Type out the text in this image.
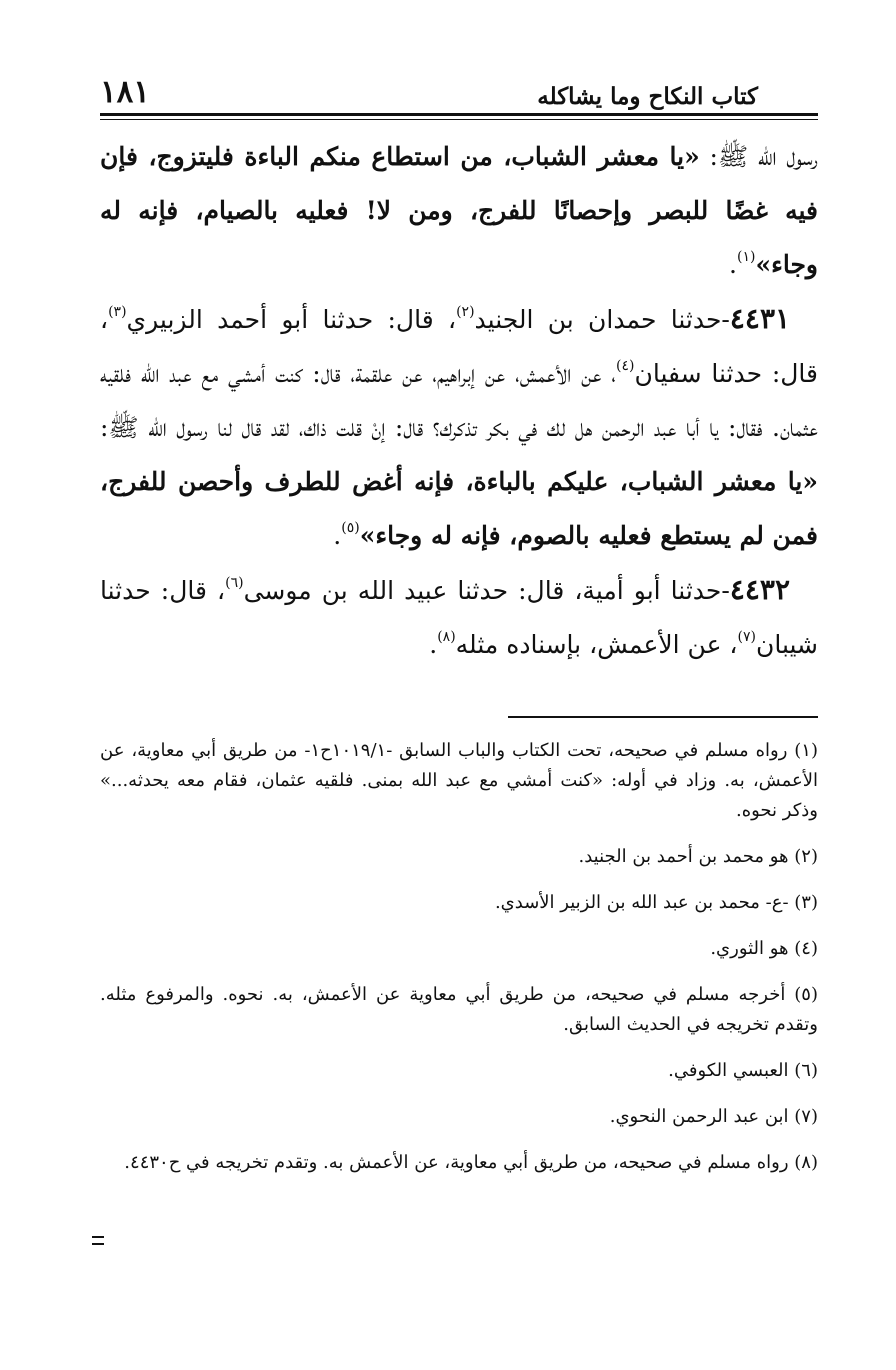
١٨١	كتاب النكاح وما يشاكله

رسول الله ﷺ: «يا معشر الشباب، من استطاع منكم الباءة فليتزوج، فإن فيه غضًا للبصر وإحصانًا للفرج، ومن لا! فعليه بالصيام، فإنه له وجاء»$^{(١)}$.

٤٤٣١-حدثنا حمدان بن الجنيد$^{(٢)}$، قال: حدثنا أبو أحمد الزبيري$^{(٣)}$، قال: حدثنا سفيان$^{(٤)}$، عن الأعمش، عن إبراهيم، عن علقمة، قال: كنت أمشي مع عبد الله فلقيه عثمان. فقال: يا أبا عبد الرحمن هل لك في بكر تذكرك؟ قال: إنْ قلت ذاك، لقد قال لنا رسول الله ﷺ: «يا معشر الشباب، عليكم بالباءة، فإنه أغض للطرف وأحصن للفرج، فمن لم يستطع فعليه بالصوم، فإنه له وجاء»$^{(٥)}$.

٤٤٣٢-حدثنا أبو أمية، قال: حدثنا عبيد الله بن موسى$^{(٦)}$، قال: حدثنا شيبان$^{(٧)}$، عن الأعمش، بإسناده مثله$^{(٨)}$.

(١) رواه مسلم في صحيحه، تحت الكتاب والباب السابق -١٠١٩/١ح١- من طريق أبي معاوية، عن الأعمش، به. وزاد في أوله: «كنت أمشي مع عبد الله بمنى. فلقيه عثمان، فقام معه يحدثه...» وذكر نحوه.

(٢) هو محمد بن أحمد بن الجنيد.

(٣) -ع- محمد بن عبد الله بن الزبير الأسدي.

(٤) هو الثوري.

(٥) أخرجه مسلم في صحيحه، من طريق أبي معاوية عن الأعمش، به. نحوه. والمرفوع مثله. وتقدم تخريجه في الحديث السابق.

(٦) العبسي الكوفي.

(٧) ابن عبد الرحمن النحوي.

(٨) رواه مسلم في صحيحه، من طريق أبي معاوية، عن الأعمش به. وتقدم تخريجه في ح٤٤٣٠.
